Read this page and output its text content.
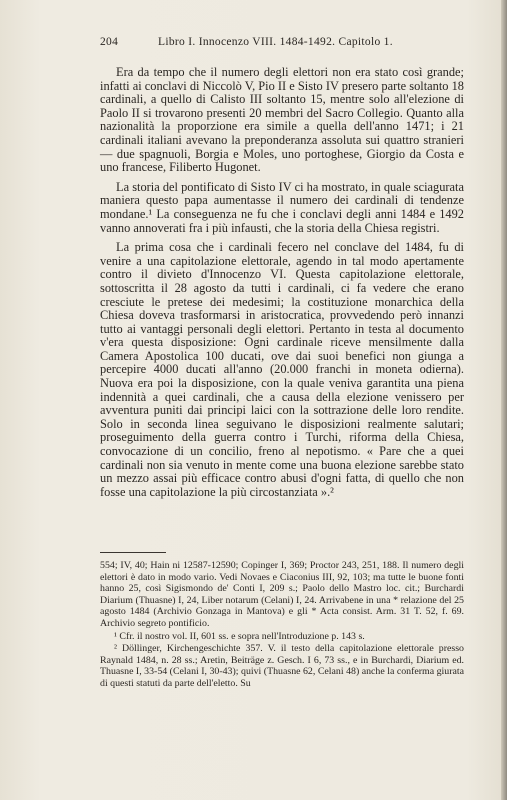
204	Libro I. Innocenzo VIII. 1484-1492. Capitolo 1.

Era da tempo che il numero degli elettori non era stato così grande; infatti ai conclavi di Niccolò V, Pio II e Sisto IV presero parte soltanto 18 cardinali, a quello di Calisto III soltanto 15, mentre solo all'elezione di Paolo II si trovarono presenti 20 membri del Sacro Collegio. Quanto alla nazionalità la proporzione era simile a quella dell'anno 1471; i 21 cardinali italiani avevano la preponderanza assoluta sui quattro stranieri — due spagnuoli, Borgia e Moles, uno portoghese, Giorgio da Costa e uno francese, Filiberto Hugonet.

La storia del pontificato di Sisto IV ci ha mostrato, in quale sciagurata maniera questo papa aumentasse il numero dei cardinali di tendenze mondane.¹ La conseguenza ne fu che i conclavi degli anni 1484 e 1492 vanno annoverati fra i più infausti, che la storia della Chiesa registri.

La prima cosa che i cardinali fecero nel conclave del 1484, fu di venire a una capitolazione elettorale, agendo in tal modo apertamente contro il divieto d'Innocenzo VI. Questa capitolazione elettorale, sottoscritta il 28 agosto da tutti i cardinali, ci fa vedere che erano cresciute le pretese dei medesimi; la costituzione monarchica della Chiesa doveva trasformarsi in aristocratica, provvedendo però innanzi tutto ai vantaggi personali degli elettori. Pertanto in testa al documento v'era questa disposizione: Ogni cardinale riceve mensilmente dalla Camera Apostolica 100 ducati, ove dai suoi benefici non giunga a percepire 4000 ducati all'anno (20.000 franchi in moneta odierna). Nuova era poi la disposizione, con la quale veniva garantita una piena indennità a quei cardinali, che a causa della elezione venissero per avventura puniti dai principi laici con la sottrazione delle loro rendite. Solo in seconda linea seguivano le disposizioni realmente salutari; proseguimento della guerra contro i Turchi, riforma della Chiesa, convocazione di un concilio, freno al nepotismo. « Pare che a quei cardinali non sia venuto in mente come una buona elezione sarebbe stato un mezzo assai più efficace contro abusi d'ogni fatta, di quello che non fosse una capitolazione la più circostanziata ».²

554; IV, 40; Hain ni 12587-12590; Copinger I, 369; Proctor 243, 251, 188. Il numero degli elettori è dato in modo vario. Vedi Novaes e Ciaconius III, 92, 103; ma tutte le buone fonti hanno 25, così Sigismondo de' Conti I, 209 s.; Paolo dello Mastro loc. cit.; Burchardi Diarium (Thuasne) I, 24, Liber notarum (Celani) I, 24. Arrivabene in una * relazione del 25 agosto 1484 (Archivio Gonzaga in Mantova) e gli * Acta consist. Arm. 31 T. 52, f. 69. Archivio segreto pontificio.

¹ Cfr. il nostro vol. II, 601 ss. e sopra nell'Introduzione p. 143 s.

² Döllinger, Kirchengeschichte 357. V. il testo della capitolazione elettorale presso Raynald 1484, n. 28 ss.; Aretin, Beiträge z. Gesch. I 6, 73 ss., e in Burchardi, Diarium ed. Thuasne I, 33-54 (Celani I, 30-43); quivi (Thuasne 62, Celani 48) anche la conferma giurata di questi statuti da parte dell'eletto. Su
